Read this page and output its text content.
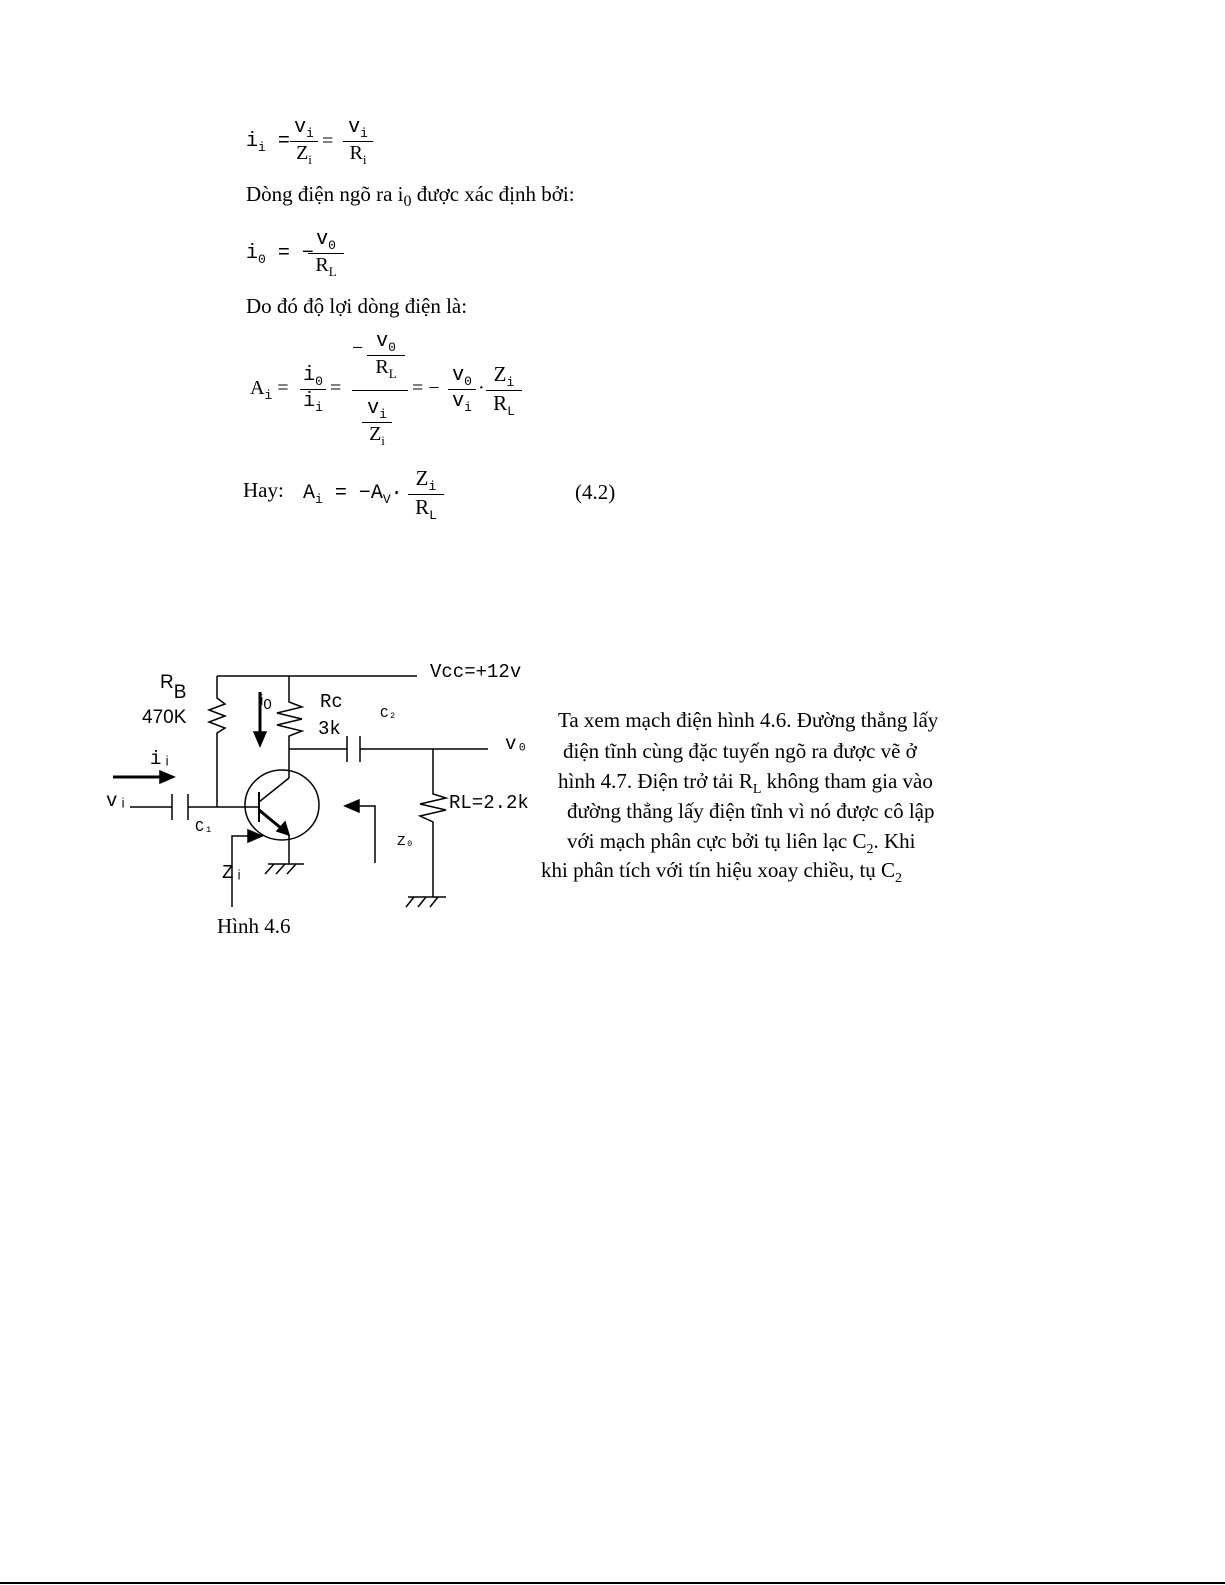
$i_i = \frac{v_i}{Z_i} = \frac{v_i}{R_i}$
Dòng điện ngõ ra $i_0$ được xác định bởi:
$i_0$ = −
$\frac{v_0}{R_L}$
Do đó độ lợi dòng điện là:
$A_i = \frac{i_0}{i_i}$ =
− $\frac{v_0}{R_L}$
$\frac{v_i}{Z_i}$
= − $\frac{v_0}{v_i} \cdot \frac{Z_i}{R_L}$
Hay: $A_i = -A_V\cdot \frac{Z_i}{R_L}$	(4.2)
Vcc=+12v
RB
470K
i0	Rc
3k
C₂
v₀
iᵢ
vᵢ
C₁
RL=2.2k
Z₀
Zᵢ
Hình 4.6
Ta xem mạch điện hình 4.6. Đường thẳng lấy
điện tĩnh cùng đặc tuyến ngõ ra được vẽ ở
hình 4.7. Điện trở tải $R_L$ không tham gia vào
đường thẳng lấy điện tĩnh vì nó được cô lập
với mạch phân cực bởi tụ liên lạc $C_2$. Khi
khi phân tích với tín hiệu xoay chiều, tụ $C_2$
